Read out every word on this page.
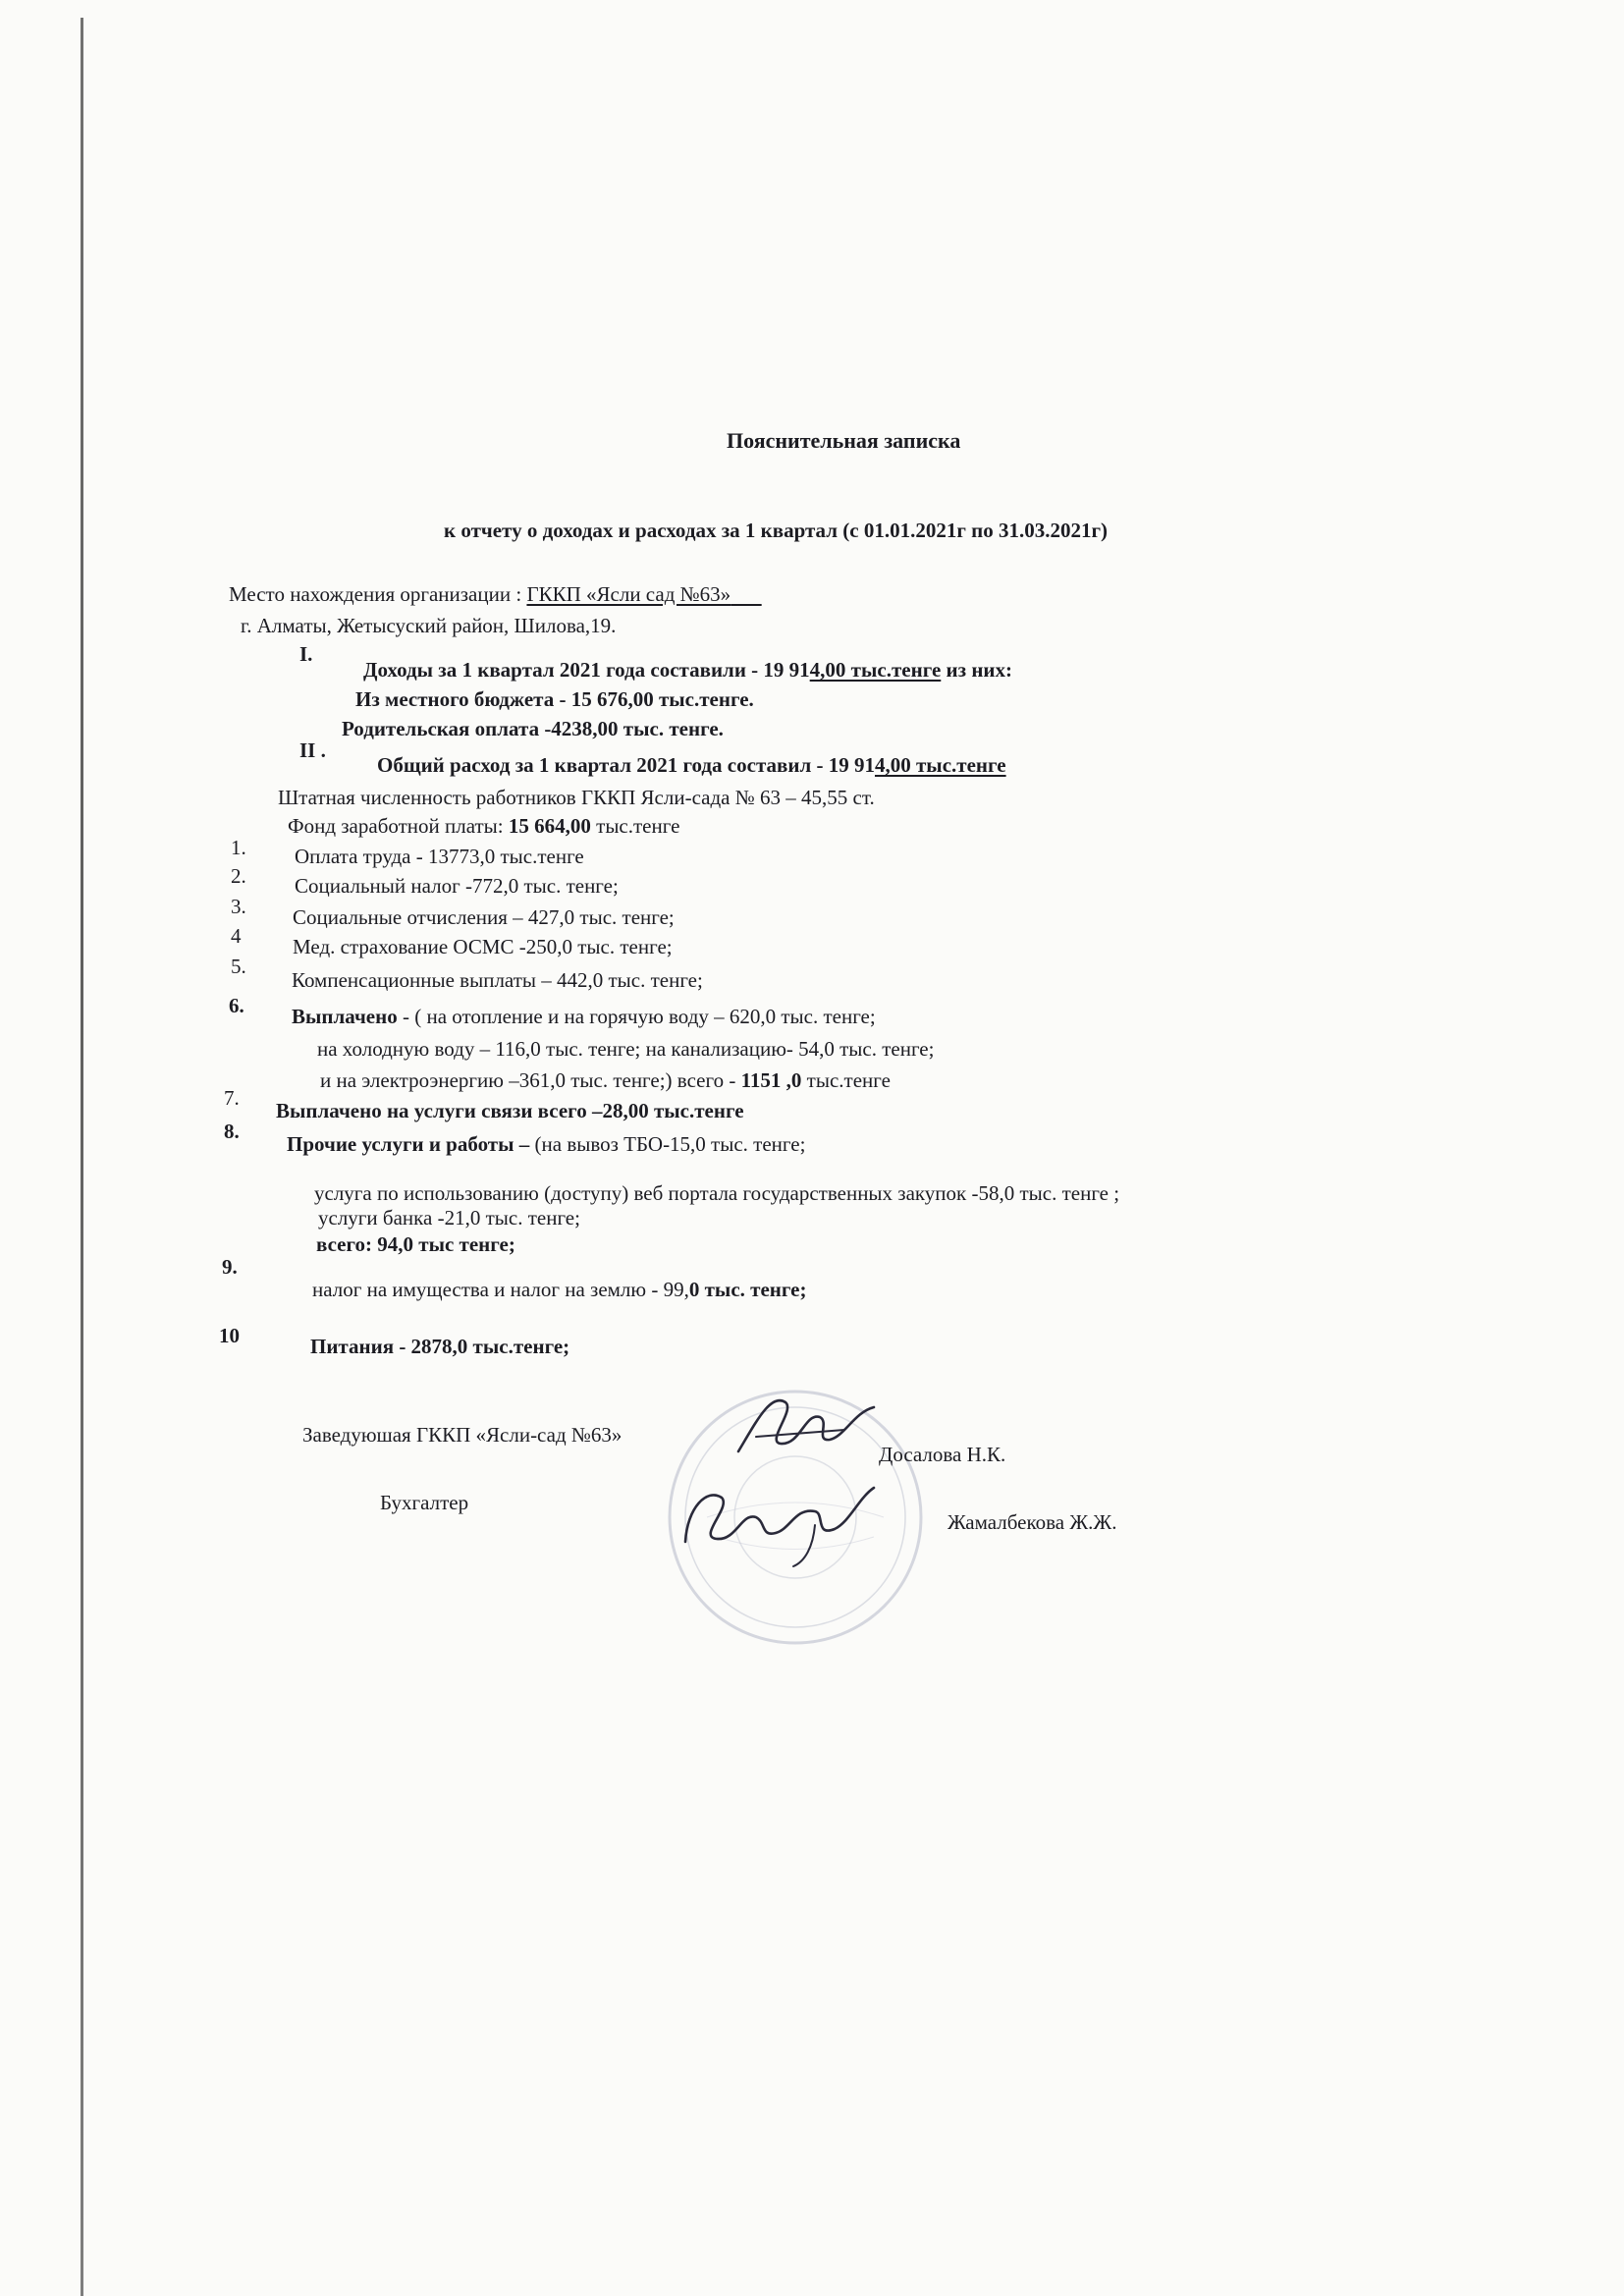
Пояснительная записка
к отчету о доходах и расходах за 1 квартал (с 01.01.2021г по 31.03.2021г)
Место нахождения организации : ГККП «Ясли сад №63»
г. Алматы, Жетысуский район, Шилова,19.
I.
Доходы за 1 квартал 2021 года составили - 19 914,00 тыс.тенге из них:
Из местного бюджета - 15 676,00 тыс.тенге.
Родительская оплата -4238,00 тыс. тенге.
II .
Общий расход за 1 квартал 2021 года составил - 19 914,00 тыс.тенге
Штатная численность работников ГККП Ясли-сада № 63 – 45,55 ст.
Фонд заработной платы: 15 664,00 тыс.тенге
1. Оплата труда - 13773,0 тыс.тенге
2. Социальный налог -772,0 тыс. тенге;
3. Социальные отчисления – 427,0 тыс. тенге;
4	Мед. страхование ОСМС -250,0 тыс. тенге;
5.
Компенсационные выплаты – 442,0 тыс. тенге;
6. Выплачено - ( на отопление и на горячую воду – 620,0 тыс. тенге;
на холодную воду – 116,0 тыс. тенге; на канализацию- 54,0 тыс. тенге;
и на электроэнергию –361,0 тыс. тенге;) всего - 1151 ,0 тыс.тенге
7.
Выплачено на услуги связи всего –28,00 тыс.тенге
8.
Прочие услуги и работы – (на вывоз ТБО-15,0 тыс. тенге;
услуга по использованию (доступу) веб портала государственных закупок -58,0 тыс. тенге ;
услуги банка -21,0 тыс. тенге;
всего: 94,0 тыс тенге;
9.
налог на имущества и налог на землю - 99,0 тыс. тенге;
10	Питания - 2878,0 тыс.тенге;
Заведуюшая ГККП «Ясли-сад №63»
Досалова Н.К.
Бухгалтер
Жамалбекова Ж.Ж.
